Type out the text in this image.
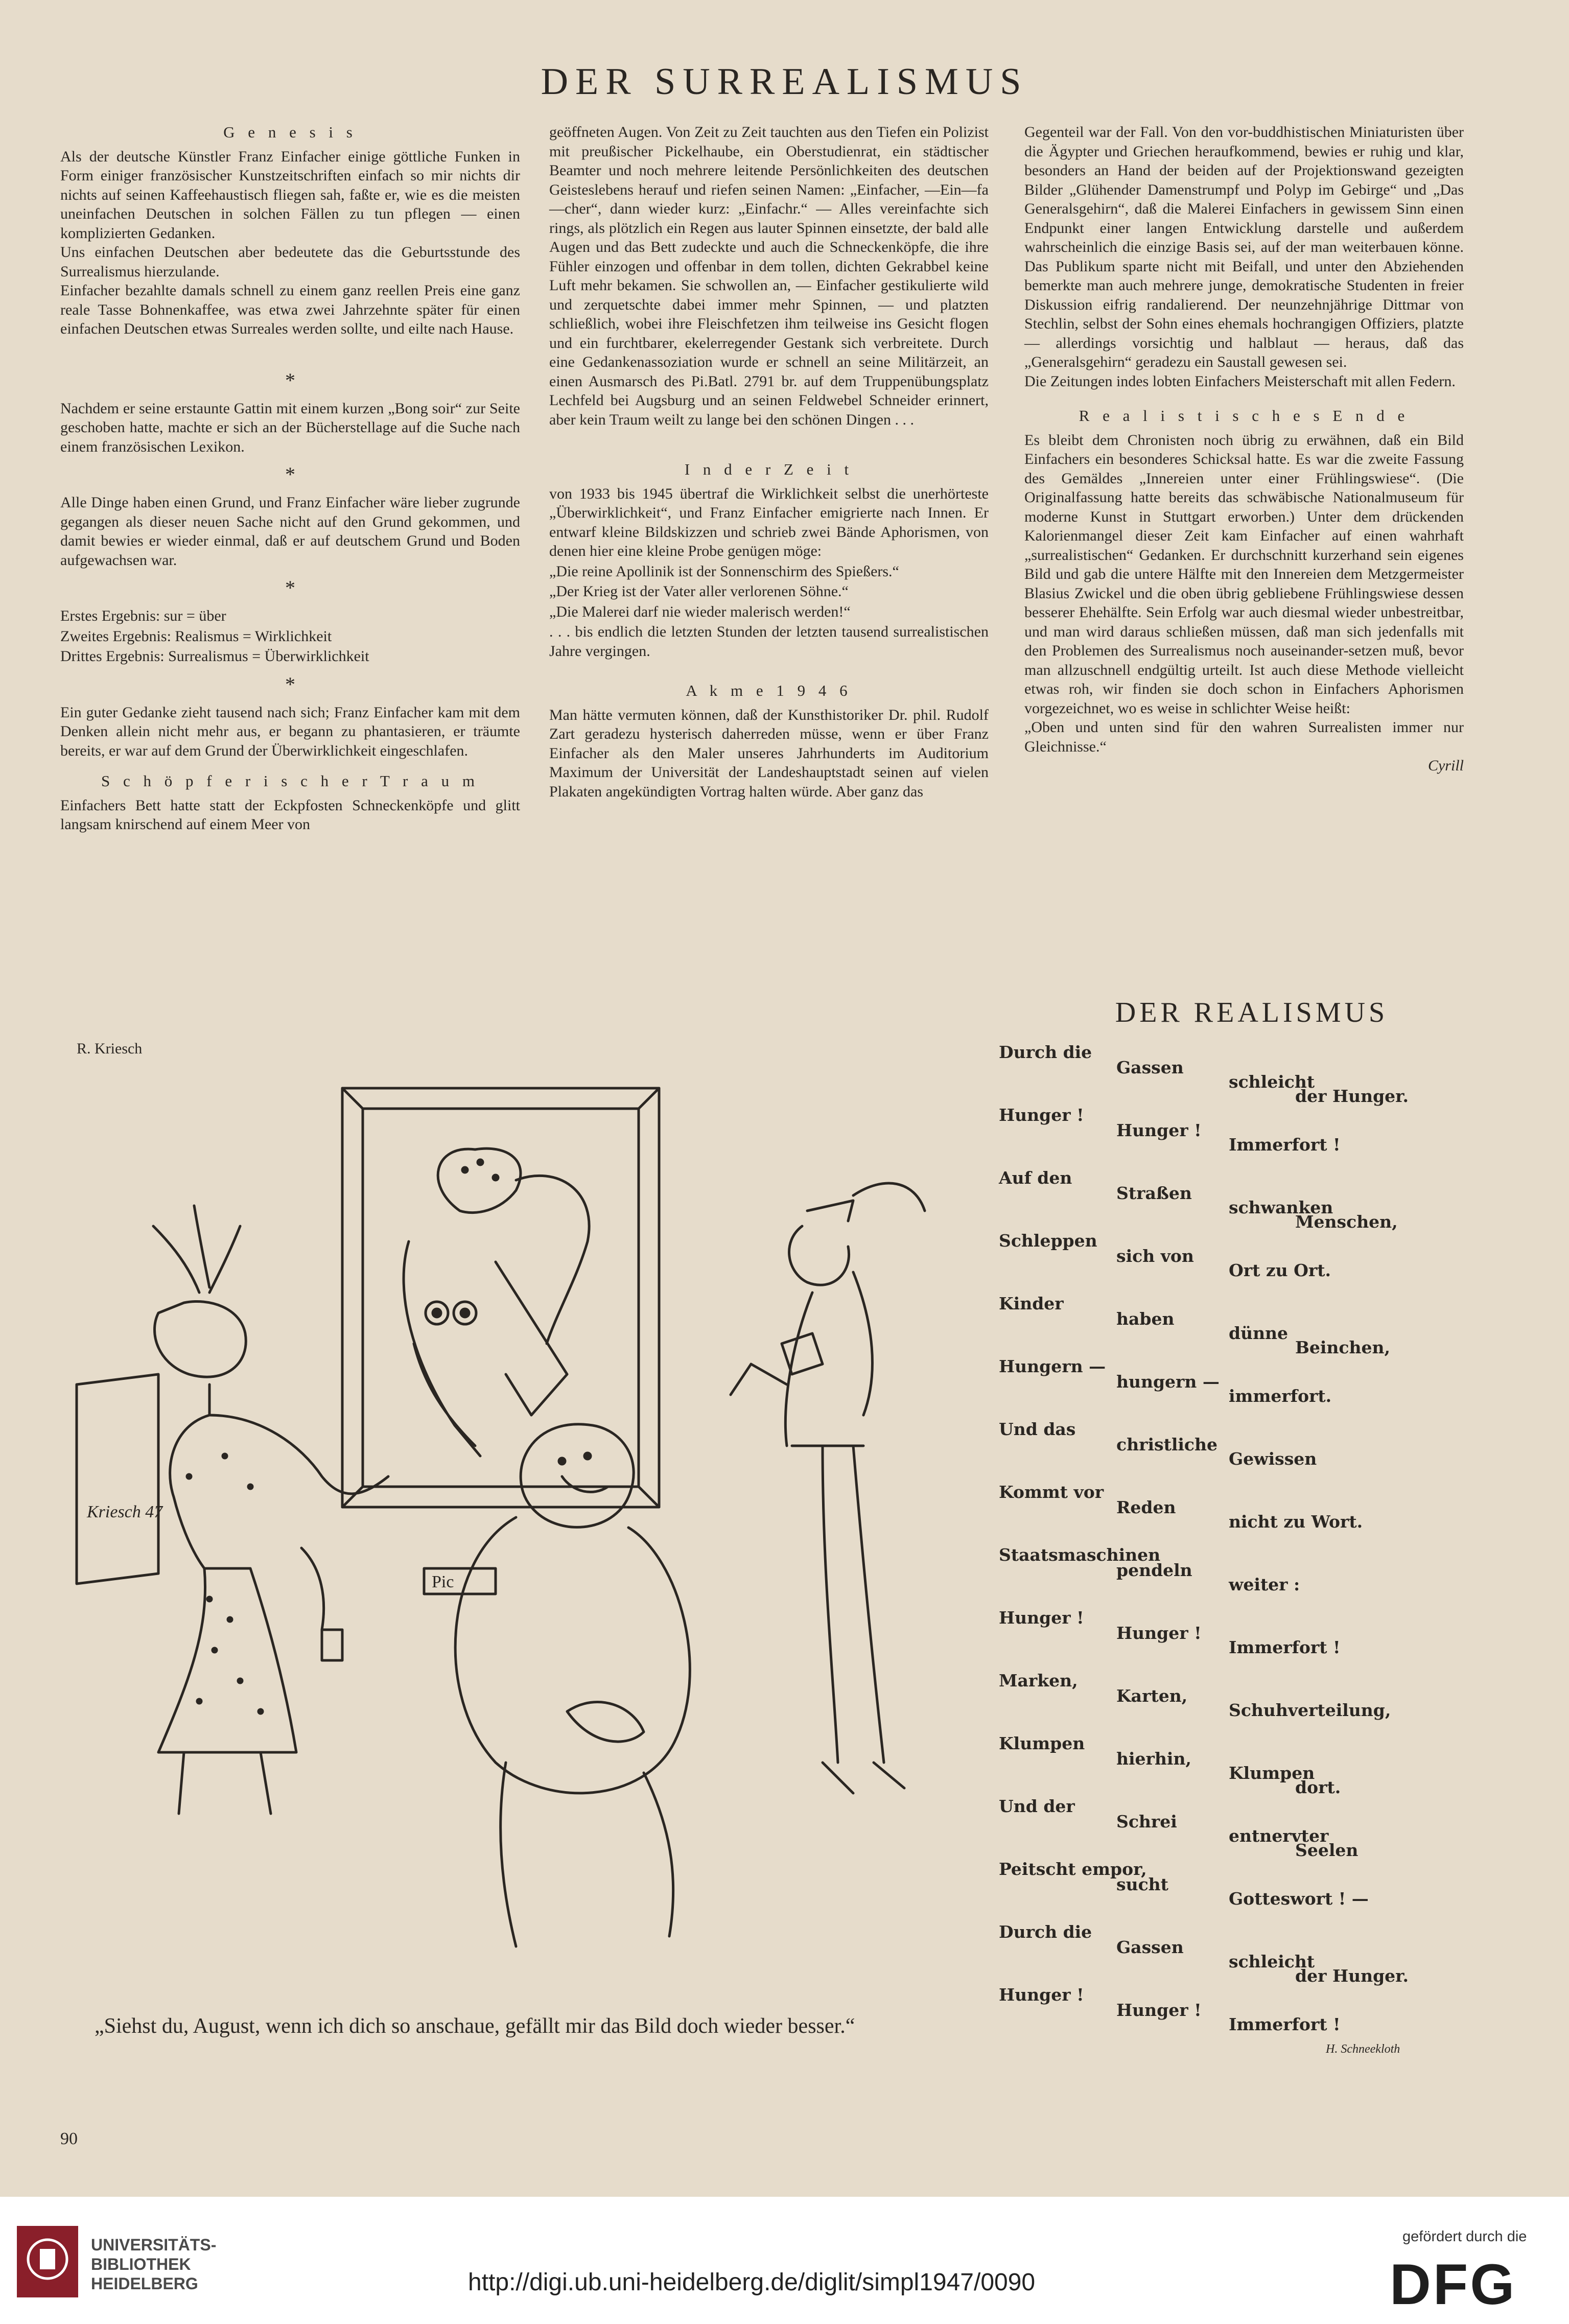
DER SURREALISMUS

G e n e s i s

Als der deutsche Künstler Franz Einfacher einige göttliche Funken in Form einiger französischer Kunstzeitschriften einfach so mir nichts dir nichts auf seinen Kaffeehaustisch fliegen sah, faßte er, wie es die meisten uneinfachen Deutschen in solchen Fällen zu tun pflegen — einen komplizierten Gedanken.

Uns einfachen Deutschen aber bedeutete das die Geburtsstunde des Surrealismus hierzulande.

Einfacher bezahlte damals schnell zu einem ganz reellen Preis eine ganz reale Tasse Bohnenkaffee, was etwa zwei Jahrzehnte später für einen einfachen Deutschen etwas Surreales werden sollte, und eilte nach Hause.

*

Nachdem er seine erstaunte Gattin mit einem kurzen „Bong soir“ zur Seite geschoben hatte, machte er sich an der Bücherstellage auf die Suche nach einem französischen Lexikon.

*

Alle Dinge haben einen Grund, und Franz Einfacher wäre lieber zugrunde gegangen als dieser neuen Sache nicht auf den Grund gekommen, und damit bewies er wieder einmal, daß er auf deutschem Grund und Boden aufgewachsen war.

*

Erstes Ergebnis: sur = über

Zweites Ergebnis: Realismus = Wirklichkeit

Drittes Ergebnis: Surrealismus = Überwirklichkeit

*

Ein guter Gedanke zieht tausend nach sich; Franz Einfacher kam mit dem Denken allein nicht mehr aus, er begann zu phantasieren, er träumte bereits, er war auf dem Grund der Überwirklichkeit eingeschlafen.

S c h ö p f e r i s c h e r T r a u m

Einfachers Bett hatte statt der Eckpfosten Schneckenköpfe und glitt langsam knirschend auf einem Meer von

geöffneten Augen. Von Zeit zu Zeit tauchten aus den Tiefen ein Polizist mit preußischer Pickelhaube, ein Oberstudienrat, ein städtischer Beamter und noch mehrere leitende Persönlichkeiten des deutschen Geisteslebens herauf und riefen seinen Namen: „Einfacher, —Ein—fa—cher“, dann wieder kurz: „Einfachr.“ — Alles vereinfachte sich rings, als plötzlich ein Regen aus lauter Spinnen einsetzte, der bald alle Augen und das Bett zudeckte und auch die Schneckenköpfe, die ihre Fühler einzogen und offenbar in dem tollen, dichten Gekrabbel keine Luft mehr bekamen. Sie schwollen an, — Einfacher gestikulierte wild und zerquetschte dabei immer mehr Spinnen, — und platzten schließlich, wobei ihre Fleischfetzen ihm teilweise ins Gesicht flogen und ein furchtbarer, ekelerregender Gestank sich verbreitete. Durch eine Gedankenassoziation wurde er schnell an seine Militärzeit, an einen Ausmarsch des Pi.Batl. 2791 br. auf dem Truppenübungsplatz Lechfeld bei Augsburg und an seinen Feldwebel Schneider erinnert, aber kein Traum weilt zu lange bei den schönen Dingen . . .

I n d e r Z e i t

von 1933 bis 1945 übertraf die Wirklichkeit selbst die unerhörteste „Überwirklichkeit“, und Franz Einfacher emigrierte nach Innen. Er entwarf kleine Bildskizzen und schrieb zwei Bände Aphorismen, von denen hier eine kleine Probe genügen möge:

„Die reine Apollinik ist der Sonnenschirm des Spießers.“

„Der Krieg ist der Vater aller verlorenen Söhne.“

„Die Malerei darf nie wieder malerisch werden!“

. . . bis endlich die letzten Stunden der letzten tausend surrealistischen Jahre vergingen.

A k m e 1 9 4 6

Man hätte vermuten können, daß der Kunsthistoriker Dr. phil. Rudolf Zart geradezu hysterisch daherreden müsse, wenn er über Franz Einfacher als den Maler unseres Jahrhunderts im Auditorium Maximum der Universität der Landeshauptstadt seinen auf vielen Plakaten angekündigten Vortrag halten würde. Aber ganz das

Gegenteil war der Fall. Von den vor-buddhistischen Miniaturisten über die Ägypter und Griechen heraufkommend, bewies er ruhig und klar, besonders an Hand der beiden auf der Projektionswand gezeigten Bilder „Glühender Damenstrumpf und Polyp im Gebirge“ und „Das Generalsgehirn“, daß die Malerei Einfachers in gewissem Sinn einen Endpunkt einer langen Entwicklung darstelle und außerdem wahrscheinlich die einzige Basis sei, auf der man weiterbauen könne. Das Publikum sparte nicht mit Beifall, und unter den Abziehenden bemerkte man auch mehrere junge, demokratische Studenten in freier Diskussion eifrig randalierend. Der neunzehnjährige Dittmar von Stechlin, selbst der Sohn eines ehemals hochrangigen Offiziers, platzte — allerdings vorsichtig und halblaut — heraus, daß das „Generalsgehirn“ geradezu ein Saustall gewesen sei.

Die Zeitungen indes lobten Einfachers Meisterschaft mit allen Federn.

R e a l i s t i s c h e s E n d e

Es bleibt dem Chronisten noch übrig zu erwähnen, daß ein Bild Einfachers ein besonderes Schicksal hatte. Es war die zweite Fassung des Gemäldes „Innereien unter einer Frühlingswiese“. (Die Originalfassung hatte bereits das schwäbische Nationalmuseum für moderne Kunst in Stuttgart erworben.) Unter dem drückenden Kalorienmangel dieser Zeit kam Einfacher auf einen wahrhaft „surrealistischen“ Gedanken. Er durchschnitt kurzerhand sein eigenes Bild und gab die untere Hälfte mit den Innereien dem Metzgermeister Blasius Zwickel und die oben übrig gebliebene Frühlingswiese dessen besserer Ehehälfte. Sein Erfolg war auch diesmal wieder unbestreitbar, und man wird daraus schließen müssen, daß man sich jedenfalls mit den Problemen des Surrealismus noch auseinander-setzen muß, bevor man allzuschnell endgültig urteilt. Ist auch diese Methode vielleicht etwas roh, wir finden sie doch schon in Einfachers Aphorismen vorgezeichnet, wo es weise in schlichter Weise heißt:

„Oben und unten sind für den wahren Surrealisten immer nur Gleichnisse.“

Cyrill

R. Kriesch
Pic
Kriesch 47
„Siehst du, August, wenn ich dich so anschaue, gefällt mir das Bild doch wieder besser.“
DER REALISMUS
Durch die
Gassen
schleicht
der Hunger.
Hunger !
Hunger !
Immerfort !
Auf den
Straßen
schwanken
Menschen,
Schleppen
sich von
Ort zu Ort.
Kinder
haben
dünne
Beinchen,
Hungern —
hungern —
immerfort.
Und das
christliche
Gewissen
Kommt vor
Reden
nicht zu Wort.
Staatsmaschinen
pendeln
weiter :
Hunger !
Hunger !
Immerfort !
Marken,
Karten,
Schuhverteilung,
Klumpen
hierhin,
Klumpen
dort.
Und der
Schrei
entnervter
Seelen
Peitscht empor,
sucht
Gotteswort ! —
Durch die
Gassen
schleicht
der Hunger.
Hunger !
Hunger !
Immerfort !
H. Schneekloth
90
UNIVERSITÄTS-
BIBLIOTHEK
HEIDELBERG	http://digi.ub.uni-heidelberg.de/diglit/simpl1947/0090
gefördert durch die
DFG
